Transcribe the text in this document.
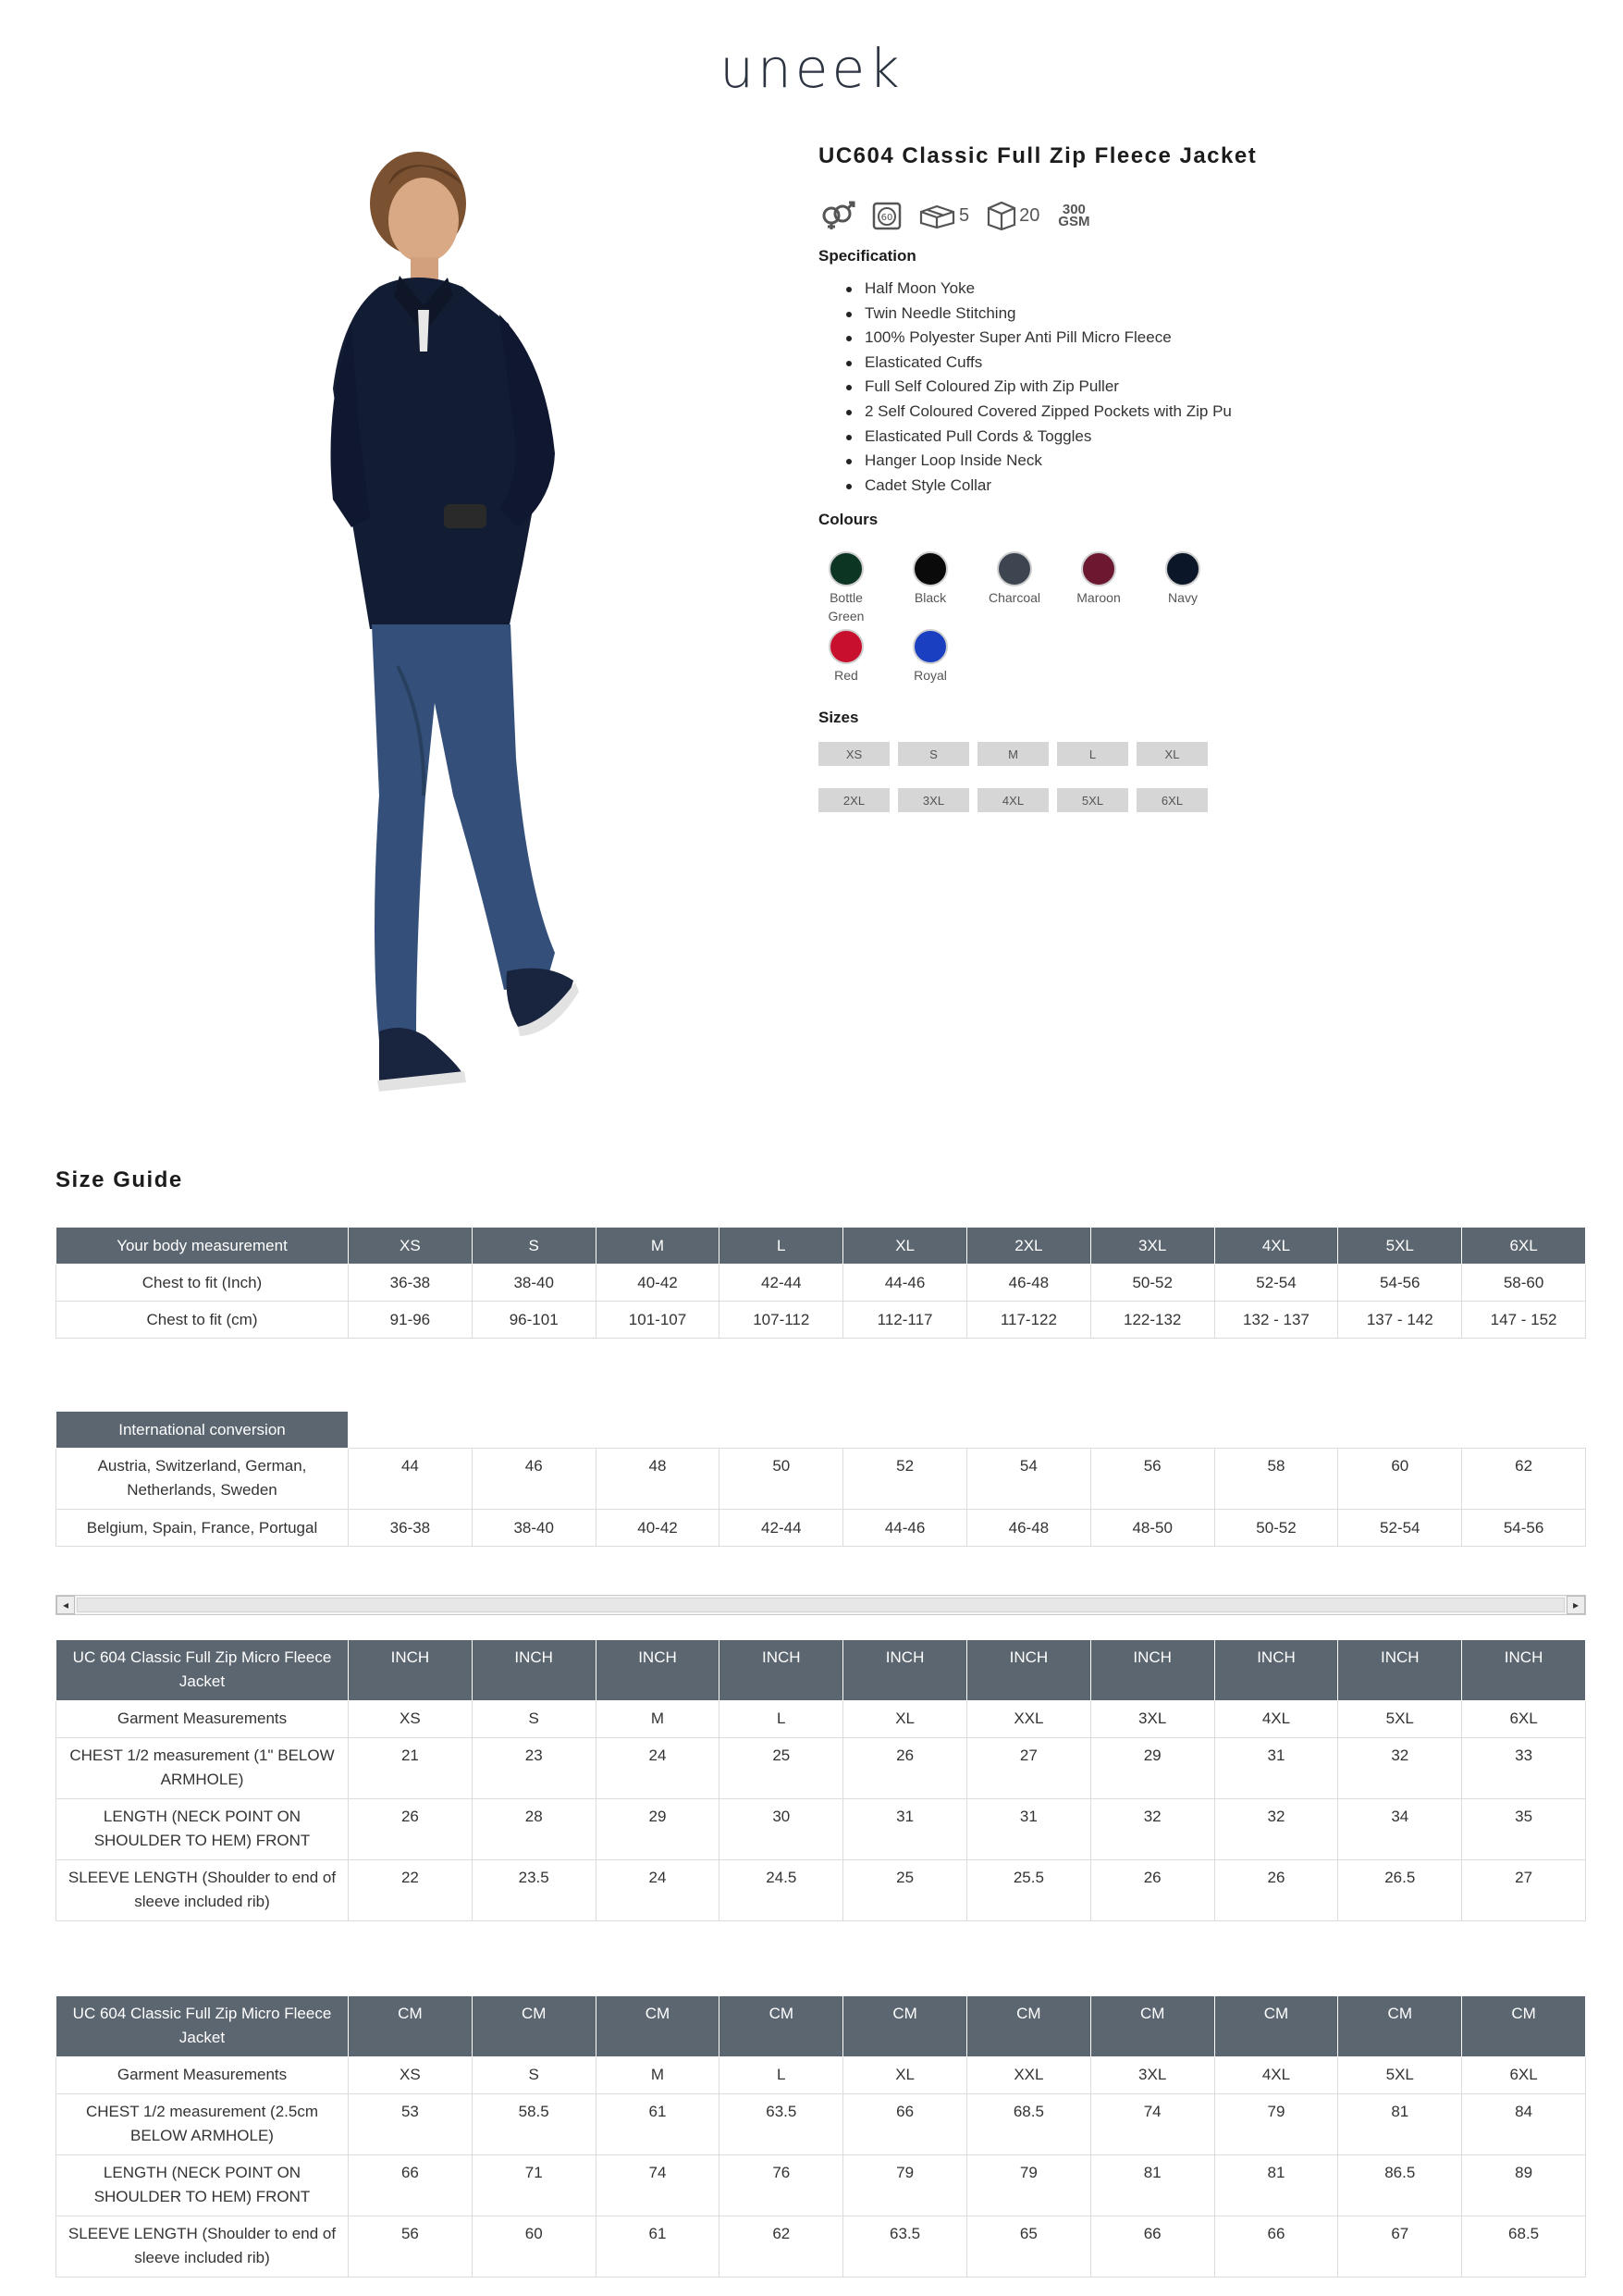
uneek
UC604 Classic Full Zip Fleece Jacket
60	5	20	300 GSM
Specification
Half Moon Yoke
Twin Needle Stitching
100% Polyester Super Anti Pill Micro Fleece
Elasticated Cuffs
Full Self Coloured Zip with Zip Puller
2 Self Coloured Covered Zipped Pockets with Zip Pu
Elasticated Pull Cords & Toggles
Hanger Loop Inside Neck
Cadet Style Collar
Colours
Bottle Green
Black	Charcoal	Maroon	Navy
Red	Royal
Sizes
XS	S	M	L	XL
2XL	3XL	4XL	5XL	6XL
Size Guide
Your body measurement	XS	S	M	L	XL	2XL	3XL	4XL	5XL	6XL
Chest to fit (Inch)	36-38	38-40	40-42	42-44	44-46	46-48	50-52	52-54	54-56	58-60
Chest to fit (cm)	91-96	96-101	101-107	107-112	112-117	117-122	122-132	132 - 137	137 - 142	147 - 152
International conversion										
Austria, Switzerland, German, Netherlands, Sweden	44	46	48	50	52	54	56	58	60	62
Belgium, Spain, France, Portugal	36-38	38-40	40-42	42-44	44-46	46-48	48-50	50-52	52-54	54-56
◂	▸
UC 604 Classic Full Zip Micro Fleece Jacket	INCH	INCH	INCH	INCH	INCH	INCH	INCH	INCH	INCH	INCH
Garment Measurements	XS	S	M	L	XL	XXL	3XL	4XL	5XL	6XL
CHEST 1/2 measurement (1" BELOW ARMHOLE)	21	23	24	25	26	27	29	31	32	33
LENGTH (NECK POINT ON SHOULDER TO HEM) FRONT	26	28	29	30	31	31	32	32	34	35
SLEEVE LENGTH (Shoulder to end of sleeve included rib)	22	23.5	24	24.5	25	25.5	26	26	26.5	27
UC 604 Classic Full Zip Micro Fleece Jacket	CM	CM	CM	CM	CM	CM	CM	CM	CM	CM
Garment Measurements	XS	S	M	L	XL	XXL	3XL	4XL	5XL	6XL
CHEST 1/2 measurement (2.5cm BELOW ARMHOLE)	53	58.5	61	63.5	66	68.5	74	79	81	84
LENGTH (NECK POINT ON SHOULDER TO HEM) FRONT	66	71	74	76	79	79	81	81	86.5	89
SLEEVE LENGTH (Shoulder to end of sleeve included rib)	56	60	61	62	63.5	65	66	66	67	68.5
